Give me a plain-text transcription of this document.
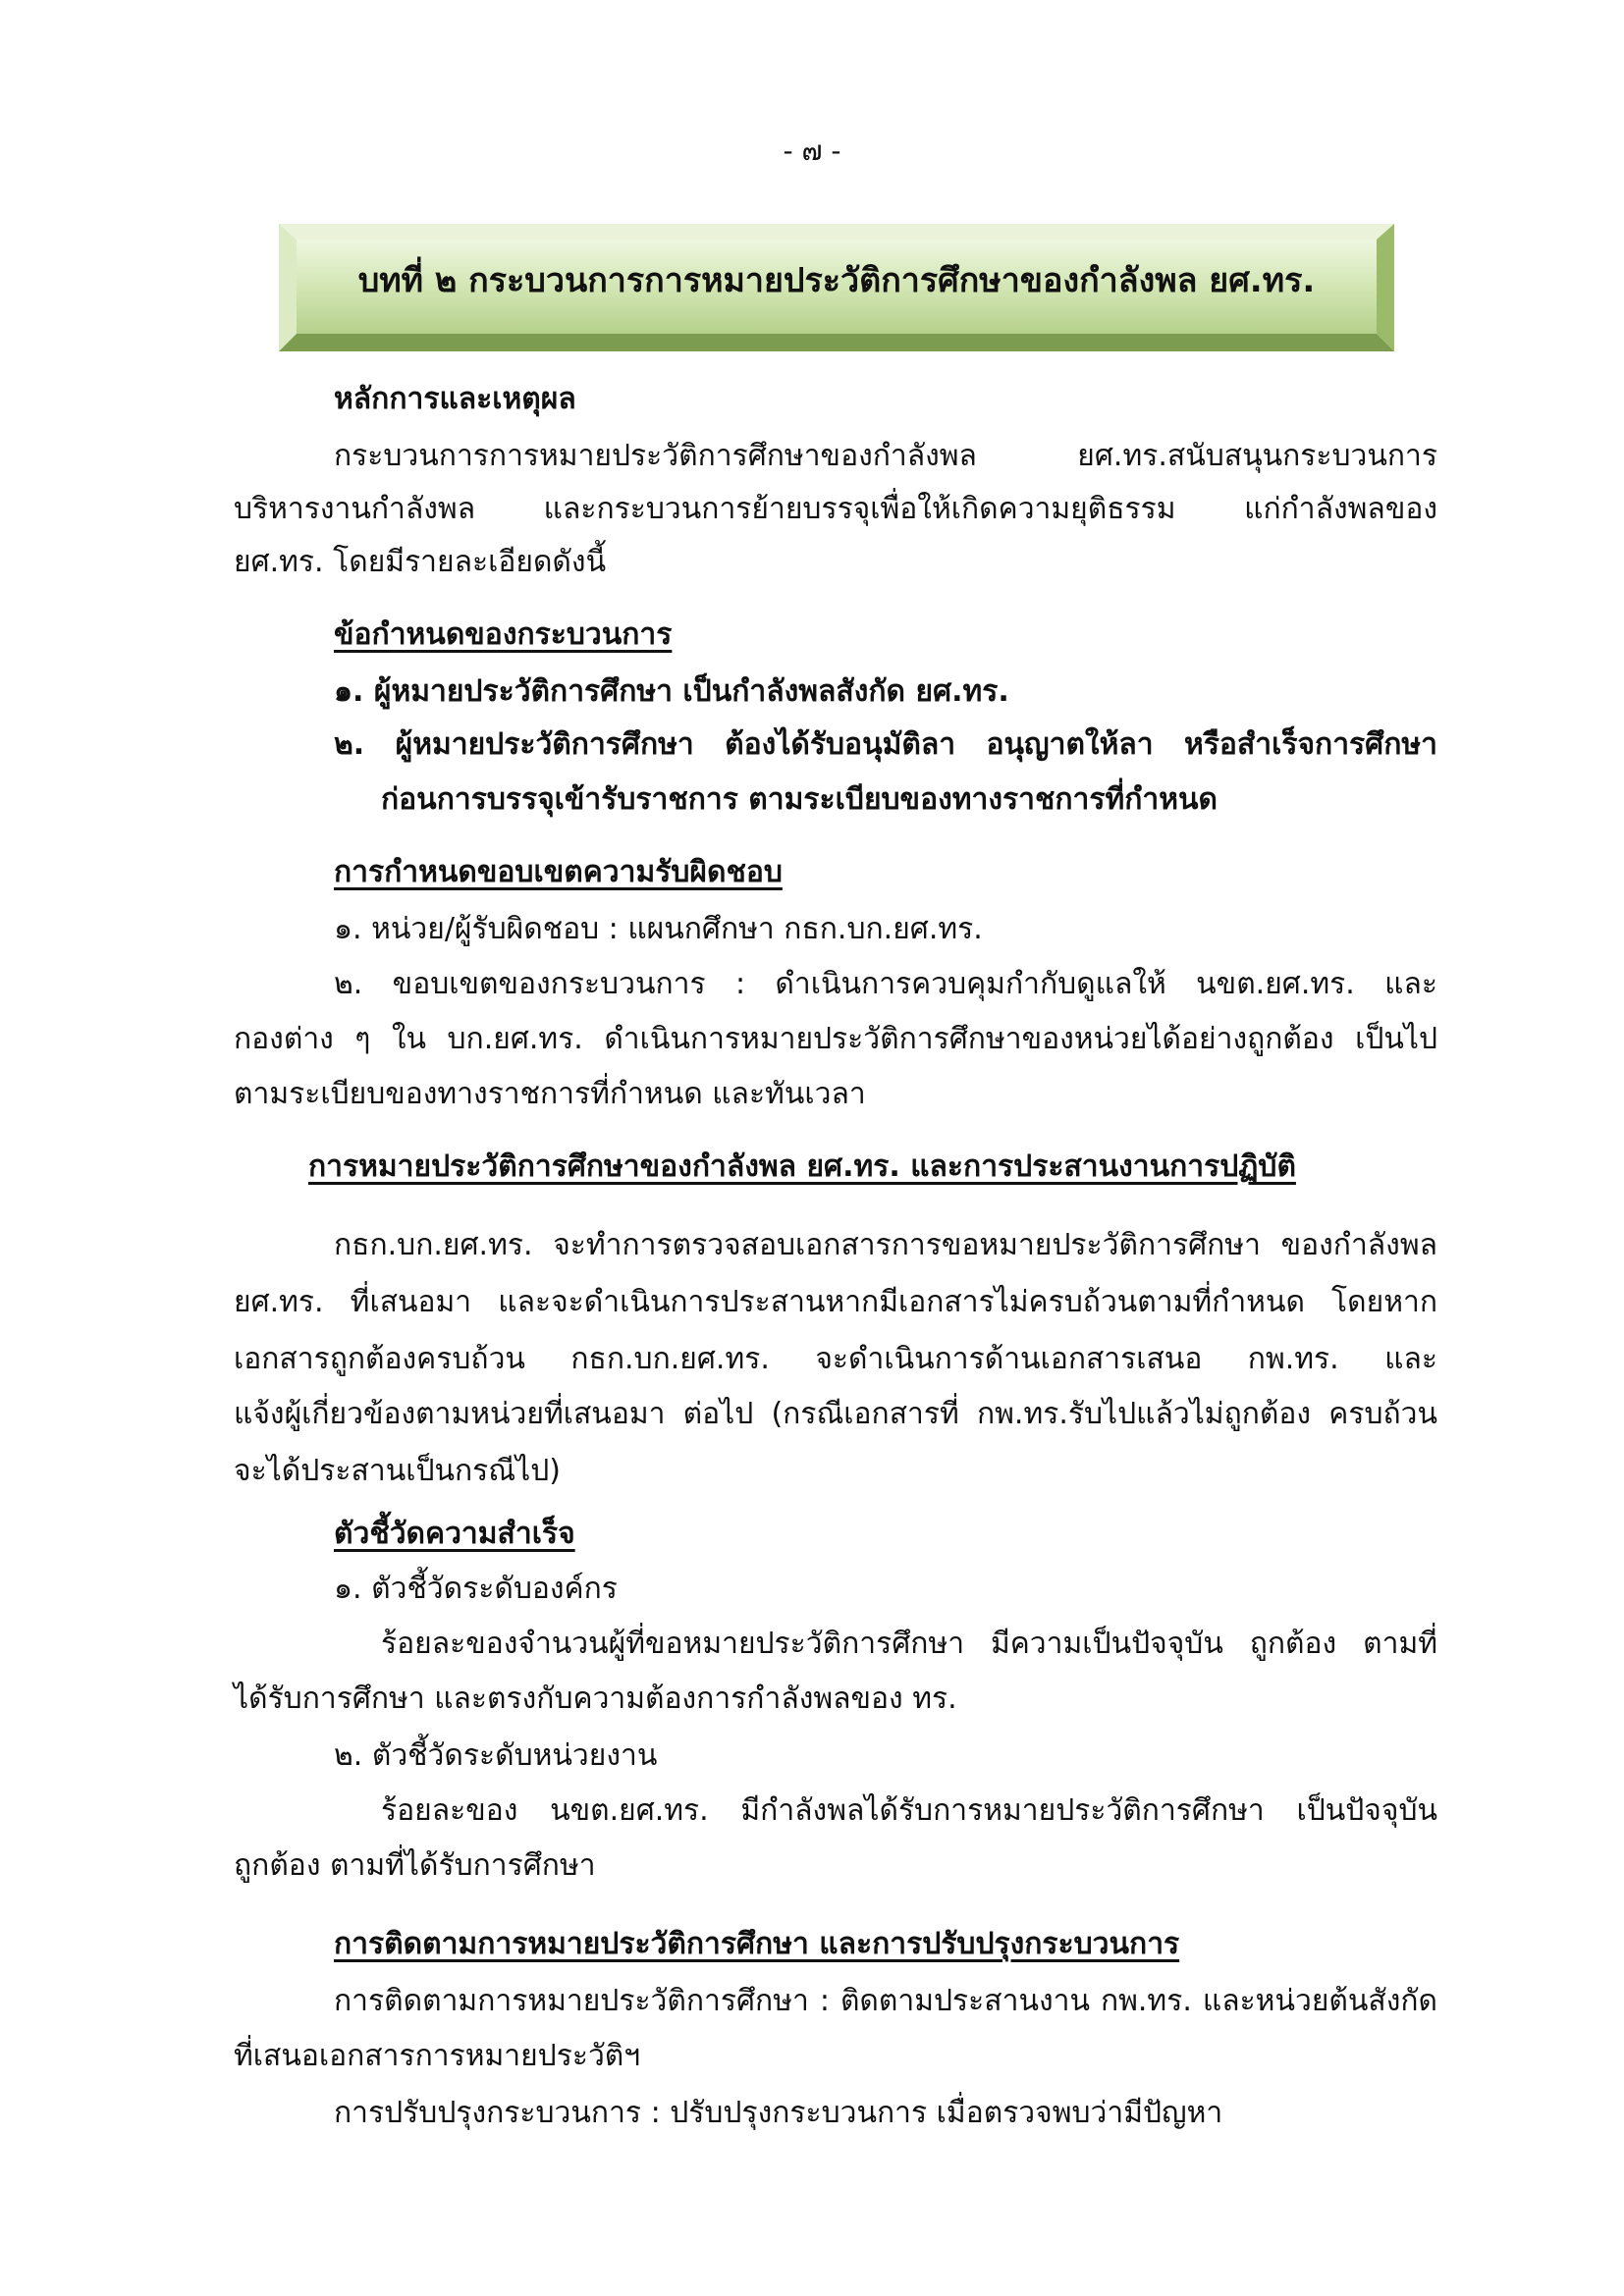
- ๗ -
บทที่ ๒ กระบวนการการหมายประวัติการศึกษาของกำลังพล ยศ.ทร.
หลักการและเหตุผล
กระบวนการการหมายประวัติการศึกษาของกำลังพล ยศ.ทร.สนับสนุนกระบวนการ
บริหารงานกำลังพล และกระบวนการย้ายบรรจุเพื่อให้เกิดความยุติธรรม แก่กำลังพลของ
ยศ.ทร. โดยมีรายละเอียดดังนี้
ข้อกำหนดของกระบวนการ
๑. ผู้หมายประวัติการศึกษา เป็นกำลังพลสังกัด ยศ.ทร.
๒. ผู้หมายประวัติการศึกษา ต้องได้รับอนุมัติลา อนุญาตให้ลา หรือสำเร็จการศึกษา
ก่อนการบรรจุเข้ารับราชการ ตามระเบียบของทางราชการที่กำหนด
การกำหนดขอบเขตความรับผิดชอบ
๑. หน่วย/ผู้รับผิดชอบ : แผนกศึกษา กธก.บก.ยศ.ทร.
๒. ขอบเขตของกระบวนการ : ดำเนินการควบคุมกำกับดูแลให้ นขต.ยศ.ทร. และ
กองต่าง ๆ ใน บก.ยศ.ทร. ดำเนินการหมายประวัติการศึกษาของหน่วยได้อย่างถูกต้อง เป็นไป
ตามระเบียบของทางราชการที่กำหนด และทันเวลา
การหมายประวัติการศึกษาของกำลังพล ยศ.ทร. และการประสานงานการปฏิบัติ
กธก.บก.ยศ.ทร. จะทำการตรวจสอบเอกสารการขอหมายประวัติการศึกษา ของกำลังพล
ยศ.ทร. ที่เสนอมา และจะดำเนินการประสานหากมีเอกสารไม่ครบถ้วนตามที่กำหนด โดยหาก
เอกสารถูกต้องครบถ้วน กธก.บก.ยศ.ทร. จะดำเนินการด้านเอกสารเสนอ กพ.ทร. และ
แจ้งผู้เกี่ยวข้องตามหน่วยที่เสนอมา ต่อไป (กรณีเอกสารที่ กพ.ทร.รับไปแล้วไม่ถูกต้อง ครบถ้วน
จะได้ประสานเป็นกรณีไป)
ตัวชี้วัดความสำเร็จ
๑. ตัวชี้วัดระดับองค์กร
ร้อยละของจำนวนผู้ที่ขอหมายประวัติการศึกษา มีความเป็นปัจจุบัน ถูกต้อง ตามที่
ได้รับการศึกษา และตรงกับความต้องการกำลังพลของ ทร.
๒. ตัวชี้วัดระดับหน่วยงาน
ร้อยละของ นขต.ยศ.ทร. มีกำลังพลได้รับการหมายประวัติการศึกษา เป็นปัจจุบัน
ถูกต้อง ตามที่ได้รับการศึกษา
การติดตามการหมายประวัติการศึกษา และการปรับปรุงกระบวนการ
การติดตามการหมายประวัติการศึกษา : ติดตามประสานงาน กพ.ทร. และหน่วยต้นสังกัด
ที่เสนอเอกสารการหมายประวัติฯ
การปรับปรุงกระบวนการ : ปรับปรุงกระบวนการ เมื่อตรวจพบว่ามีปัญหา
